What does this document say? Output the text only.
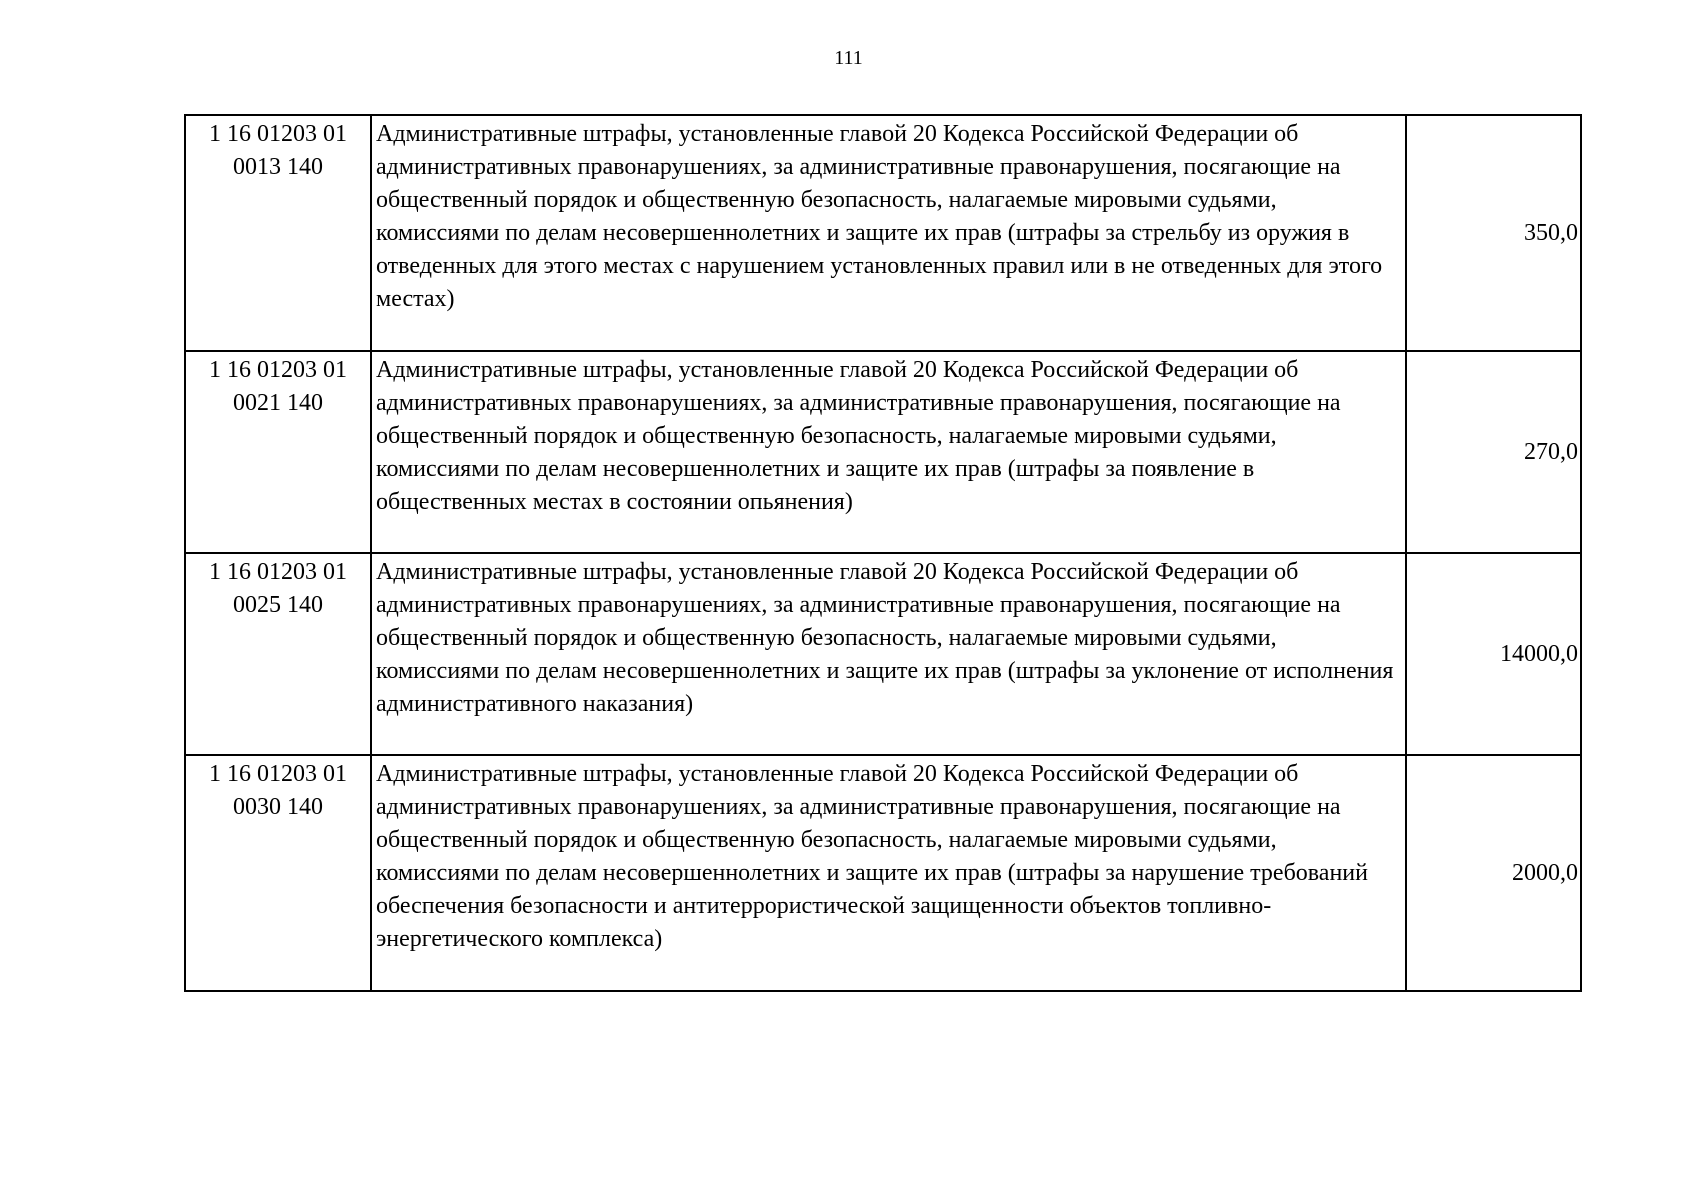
111
1 16 01203 01
0013 140	Административные штрафы, установленные главой 20 Кодекса Российской Федерации об административных правонарушениях, за административные правонарушения, посягающие на общественный порядок и общественную безопасность, налагаемые мировыми судьями, комиссиями по делам несовершеннолетних и защите их прав (штрафы за стрельбу из оружия в отведенных для этого местах с нарушением установленных правил или в не отведенных для этого местах)	350,0

1 16 01203 01
0021 140	Административные штрафы, установленные главой 20 Кодекса Российской Федерации об административных правонарушениях, за административные правонарушения, посягающие на общественный порядок и общественную безопасность, налагаемые мировыми судьями, комиссиями по делам несовершеннолетних и защите их прав (штрафы за появление в общественных местах в состоянии опьянения)	270,0

1 16 01203 01
0025 140	Административные штрафы, установленные главой 20 Кодекса Российской Федерации об административных правонарушениях, за административные правонарушения, посягающие на общественный порядок и общественную безопасность, налагаемые мировыми судьями, комиссиями по делам несовершеннолетних и защите их прав (штрафы за уклонение от исполнения административного наказания)	14000,0

1 16 01203 01
0030 140	Административные штрафы, установленные главой 20 Кодекса Российской Федерации об административных правонарушениях, за административные правонарушения, посягающие на общественный порядок и общественную безопасность, налагаемые мировыми судьями, комиссиями по делам несовершеннолетних и защите их прав (штрафы за нарушение требований обеспечения безопасности и антитеррористической защищенности объектов топливно-энергетического комплекса)	2000,0
